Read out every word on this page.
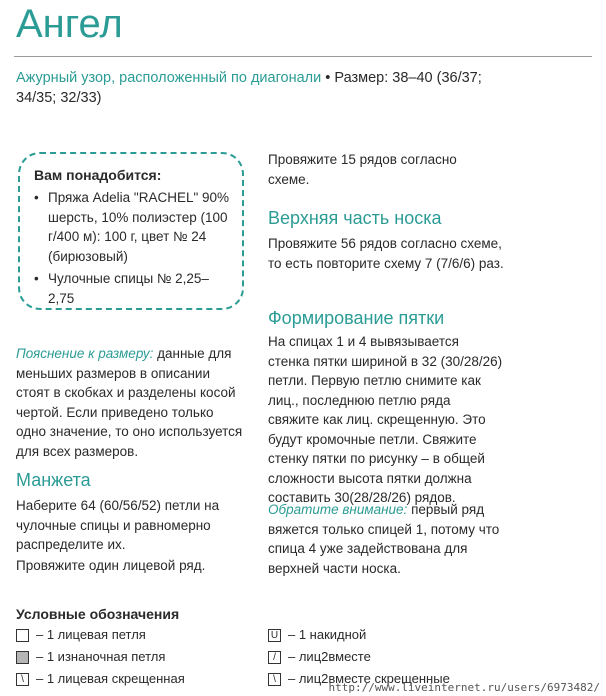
Ангел
Ажурный узор, расположенный по диагонали • Размер: 38–40 (36/37;
34/35; 32/33)
Вам понадобится:
• Пряжа Adelia "RACHEL" 90% шерсть, 10% полиэстер (100 г/400 м): 100 г, цвет № 24 (бирюзовый)
• Чулочные спицы № 2,25–2,75
Пояснение к размеру: данные для меньших размеров в описании стоят в скобках и разделены косой чертой. Если приведено только одно значение, то оно используется для всех размеров.
Манжета
Наберите 64 (60/56/52) петли на чулочные спицы и равномерно распределите их.
Провяжите один лицевой ряд.
Провяжите 15 рядов согласно схеме.
Верхняя часть носка
Провяжите 56 рядов согласно схеме, то есть повторите схему 7 (7/6/6) раз.
Формирование пятки
На спицах 1 и 4 вывязывается стенка пятки шириной в 32 (30/28/26) петли. Первую петлю снимите как лиц., последнюю петлю ряда свяжите как лиц. скрещенную. Это будут кромочные петли. Свяжите стенку пятки по рисунку – в общей сложности высота пятки должна составить 30(28/28/26) рядов.
Обратите внимание: первый ряд вяжется только спицей 1, потому что спица 4 уже задействована для верхней части носка.
Условные обозначения
– 1 лицевая петля
– 1 изнаночная петля
\ – 1 лицевая скрещенная
U – 1 накидной
/ – лиц2вместе
\ – лиц2вместе скрещенные
http://www.liveinternet.ru/users/6973482/
